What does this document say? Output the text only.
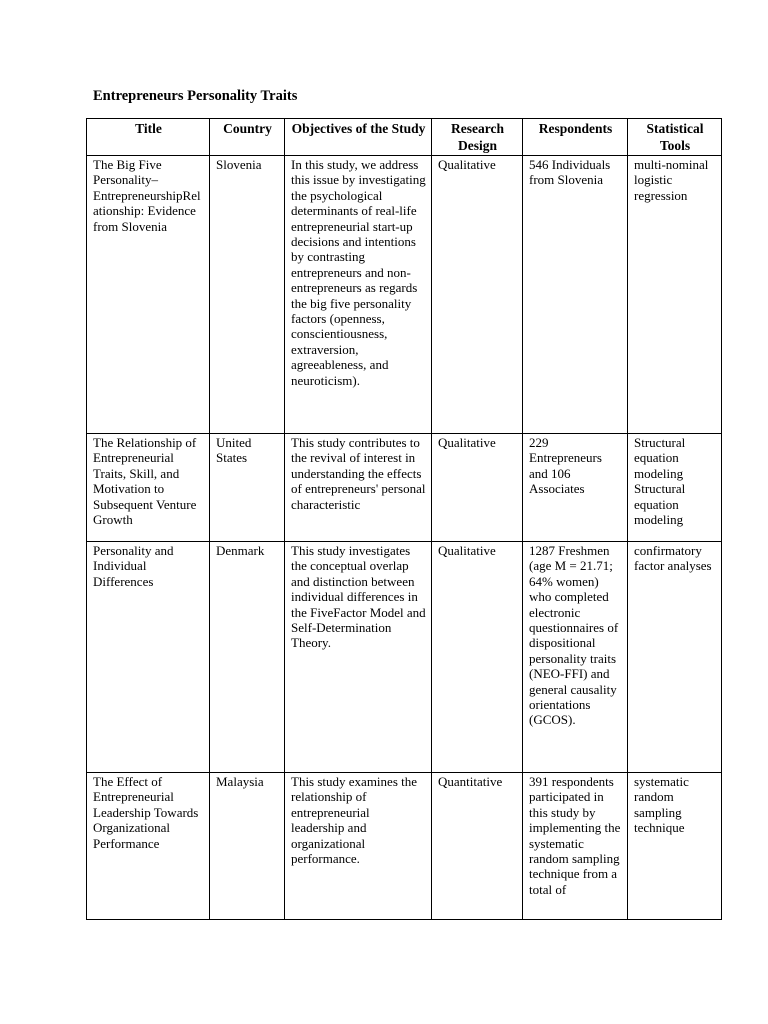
Entrepreneurs Personality Traits
Title	Country	Objectives of the Study	Research Design	Respondents	Statistical Tools
The Big Five Personality–EntrepreneurshipRelationship: Evidence from Slovenia	Slovenia	In this study, we address this issue by investigating the psychological determinants of real-life entrepreneurial start-up decisions and intentions by contrasting entrepreneurs and non-entrepreneurs as regards the big five personality factors (openness, conscientiousness, extraversion, agreeableness, and neuroticism).	Qualitative	546 Individuals from Slovenia	multi-nominal logistic regression
The Relationship of Entrepreneurial Traits, Skill, and Motivation to Subsequent Venture Growth	United States	This study contributes to the revival of interest in understanding the effects of entrepreneurs' personal characteristic	Qualitative	229 Entrepreneurs and 106 Associates	Structural equation modeling Structural equation modeling
Personality and Individual Differences	Denmark	This study investigates the conceptual overlap and distinction between individual differences in the FiveFactor Model and Self-Determination Theory.	Qualitative	1287 Freshmen (age M = 21.71; 64% women) who completed electronic questionnaires of dispositional personality traits (NEO-FFI) and general causality orientations (GCOS).	confirmatory factor analyses
The Effect of Entrepreneurial Leadership Towards Organizational Performance	Malaysia	This study examines the relationship of entrepreneurial leadership and organizational performance.	Quantitative	391 respondents participated in this study by implementing the systematic random sampling technique from a total of	systematic random sampling technique
